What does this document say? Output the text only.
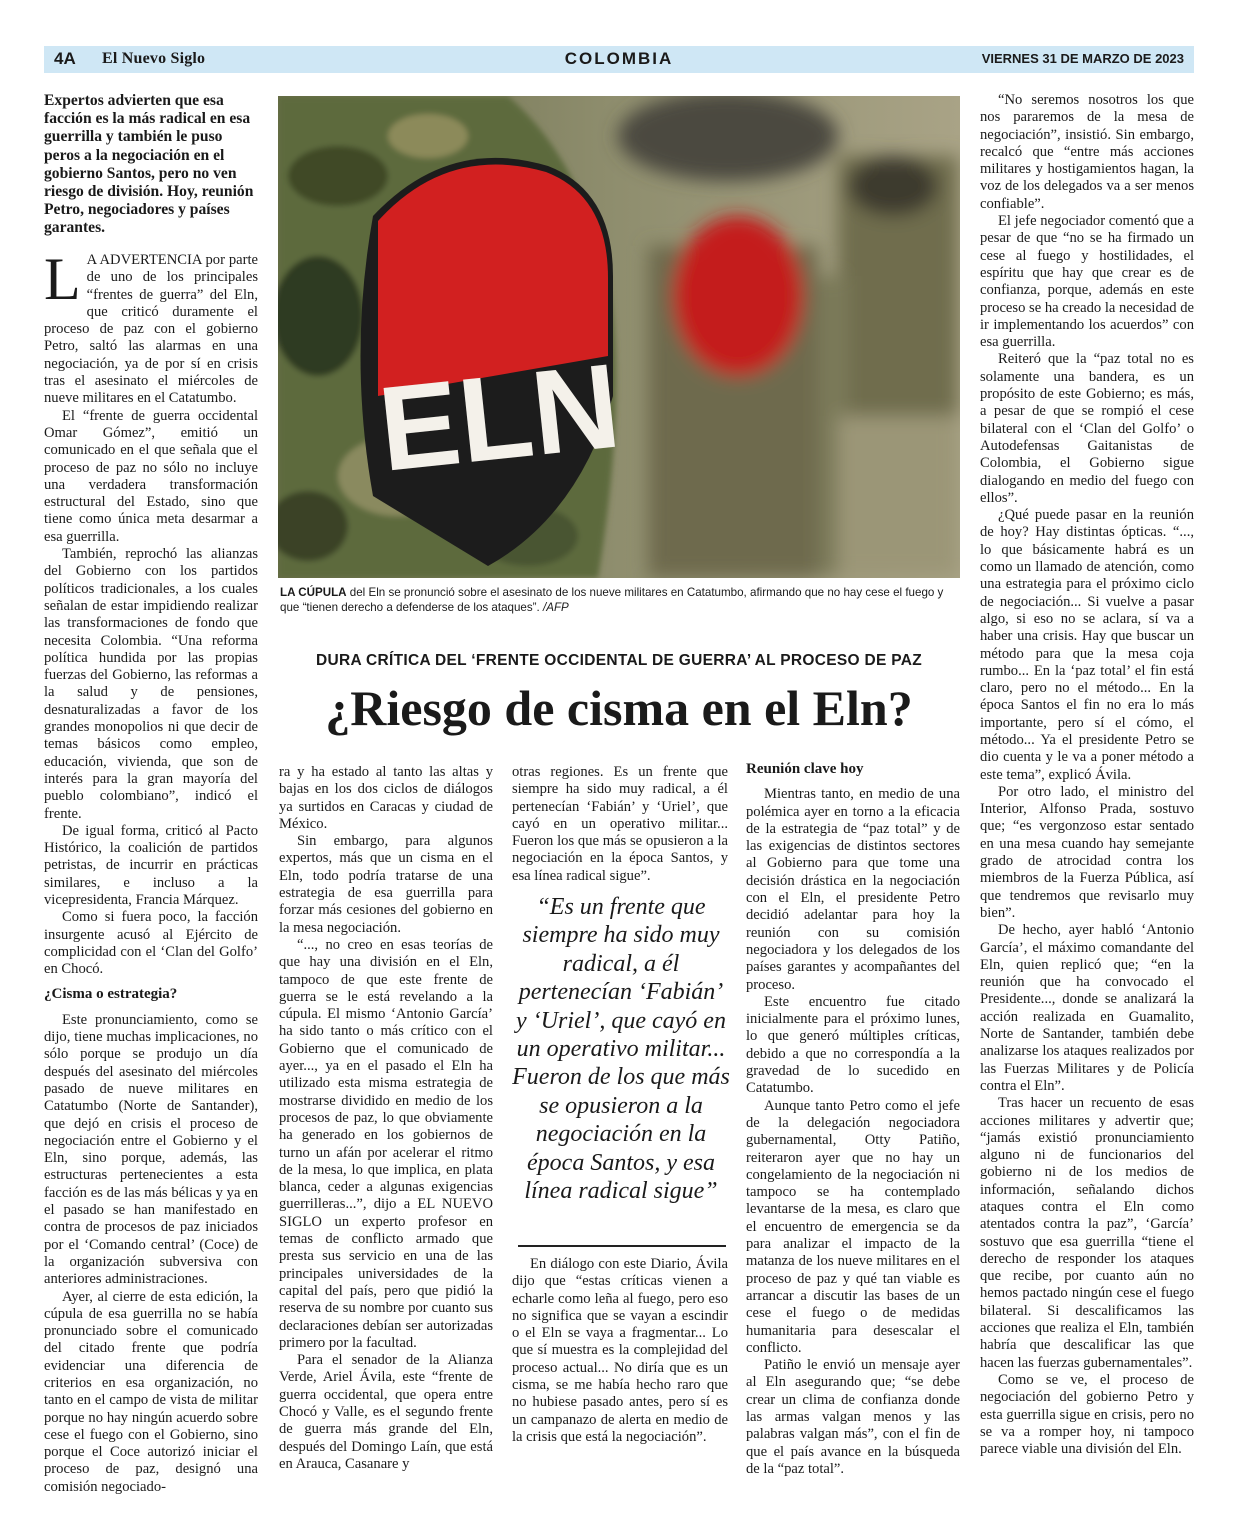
4A El Nuevo Siglo	COLOMBIA	VIERNES 31 DE MARZO DE 2023
Expertos advierten que esa facción es la más radical en esa guerrilla y también le puso peros a la negociación en el gobierno Santos, pero no ven riesgo de división. Hoy, reunión Petro, negociadores y países garantes.
ELN
LA CÚPULA del Eln se pronunció sobre el asesinato de los nueve militares en Catatumbo, afirmando que no hay cese el fuego y que “tienen derecho a defenderse de los ataques”. /AFP
DURA CRÍTICA DEL ‘FRENTE OCCIDENTAL DE GUERRA’ AL PROCESO DE PAZ
¿Riesgo de cisma en el Eln?

L A ADVERTENCIA por parte de uno de los principales “frentes de guerra” del Eln, que criticó duramente el proceso de paz con el gobierno Petro, saltó las alarmas en una negociación, ya de por sí en crisis tras el asesinato el miércoles de nueve militares en el Catatumbo.

El “frente de guerra occidental Omar Gómez”, emitió un comunicado en el que señala que el proceso de paz no sólo no incluye una verdadera transformación estructural del Estado, sino que tiene como única meta desarmar a esa guerrilla.

También, reprochó las alianzas del Gobierno con los partidos políticos tradicionales, a los cuales señalan de estar impidiendo realizar las transformaciones de fondo que necesita Colombia. “Una reforma política hundida por las propias fuerzas del Gobierno, las reformas a la salud y de pensiones, desnaturalizadas a favor de los grandes monopolios ni que decir de temas básicos como empleo, educación, vivienda, que son de interés para la gran mayoría del pueblo colombiano”, indicó el frente.

De igual forma, criticó al Pacto Histórico, la coalición de partidos petristas, de incurrir en prácticas similares, e incluso a la vicepresidenta, Francia Márquez.

Como si fuera poco, la facción insurgente acusó al Ejército de complicidad con el ‘Clan del Golfo’ en Chocó.

¿Cisma o estrategia?

Este pronunciamiento, como se dijo, tiene muchas implicaciones, no sólo porque se produjo un día después del asesinato del miércoles pasado de nueve militares en Catatumbo (Norte de Santander), que dejó en crisis el proceso de negociación entre el Gobierno y el Eln, sino porque, además, las estructuras pertenecientes a esta facción es de las más bélicas y ya en el pasado se han manifestado en contra de procesos de paz iniciados por el ‘Comando central’ (Coce) de la organización subversiva con anteriores administraciones.

Ayer, al cierre de esta edición, la cúpula de esa guerrilla no se había pronunciado sobre el comunicado del citado frente que podría evidenciar una diferencia de criterios en esa organización, no tanto en el campo de vista de militar porque no hay ningún acuerdo sobre cese el fuego con el Gobierno, sino porque el Coce autorizó iniciar el proceso de paz, designó una comisión negociado-

ra y ha estado al tanto las altas y bajas en los dos ciclos de diálogos ya surtidos en Caracas y ciudad de México.

Sin embargo, para algunos expertos, más que un cisma en el Eln, todo podría tratarse de una estrategia de esa guerrilla para forzar más cesiones del gobierno en la mesa negociación.

“..., no creo en esas teorías de que hay una división en el Eln, tampoco de que este frente de guerra se le está revelando a la cúpula. El mismo ‘Antonio García’ ha sido tanto o más crítico con el Gobierno que el comunicado de ayer..., ya en el pasado el Eln ha utilizado esta misma estrategia de mostrarse dividido en medio de los procesos de paz, lo que obviamente ha generado en los gobiernos de turno un afán por acelerar el ritmo de la mesa, lo que implica, en plata blanca, ceder a algunas exigencias guerrilleras...”, dijo a EL NUEVO SIGLO un experto profesor en temas de conflicto armado que presta sus servicio en una de las principales universidades de la capital del país, pero que pidió la reserva de su nombre por cuanto sus declaraciones debían ser autorizadas primero por la facultad.

Para el senador de la Alianza Verde, Ariel Ávila, este “frente de guerra occidental, que opera entre Chocó y Valle, es el segundo frente de guerra más grande del Eln, después del Domingo Laín, que está en Arauca, Casanare y

otras regiones. Es un frente que siempre ha sido muy radical, a él pertenecían ‘Fabián’ y ‘Uriel’, que cayó en un operativo militar... Fueron los que más se opusieron a la negociación en la época Santos, y esa línea radical sigue”.

“Es un frente que siempre ha sido muy radical, a él pertenecían ‘Fabián’ y ‘Uriel’, que cayó en un operativo militar... Fueron de los que más se opusieron a la negociación en la época Santos, y esa línea radical sigue”

En diálogo con este Diario, Ávila dijo que “estas críticas vienen a echarle como leña al fuego, pero eso no significa que se vayan a escindir o el Eln se vaya a fragmentar... Lo que sí muestra es la complejidad del proceso actual... No diría que es un cisma, se me había hecho raro que no hubiese pasado antes, pero sí es un campanazo de alerta en medio de la crisis que está la negociación”.

Reunión clave hoy

Mientras tanto, en medio de una polémica ayer en torno a la eficacia de la estrategia de “paz total” y de las exigencias de distintos sectores al Gobierno para que tome una decisión drástica en la negociación con el Eln, el presidente Petro decidió adelantar para hoy la reunión con su comisión negociadora y los delegados de los países garantes y acompañantes del proceso.

Este encuentro fue citado inicialmente para el próximo lunes, lo que generó múltiples críticas, debido a que no correspondía a la gravedad de lo sucedido en Catatumbo.

Aunque tanto Petro como el jefe de la delegación negociadora gubernamental, Otty Patiño, reiteraron ayer que no hay un congelamiento de la negociación ni tampoco se ha contemplado levantarse de la mesa, es claro que el encuentro de emergencia se da para analizar el impacto de la matanza de los nueve militares en el proceso de paz y qué tan viable es arrancar a discutir las bases de un cese el fuego o de medidas humanitaria para desescalar el conflicto.

Patiño le envió un mensaje ayer al Eln asegurando que; “se debe crear un clima de confianza donde las armas valgan menos y las palabras valgan más”, con el fin de que el país avance en la búsqueda de la “paz total”.

“No seremos nosotros los que nos pararemos de la mesa de negociación”, insistió. Sin embargo, recalcó que “entre más acciones militares y hostigamientos hagan, la voz de los delegados va a ser menos confiable”.

El jefe negociador comentó que a pesar de que “no se ha firmado un cese al fuego y hostilidades, el espíritu que hay que crear es de confianza, porque, además en este proceso se ha creado la necesidad de ir implementando los acuerdos” con esa guerrilla.

Reiteró que la “paz total no es solamente una bandera, es un propósito de este Gobierno; es más, a pesar de que se rompió el cese bilateral con el ‘Clan del Golfo’ o Autodefensas Gaitanistas de Colombia, el Gobierno sigue dialogando en medio del fuego con ellos”.

¿Qué puede pasar en la reunión de hoy? Hay distintas ópticas. “..., lo que básicamente habrá es un como un llamado de atención, como una estrategia para el próximo ciclo de negociación... Si vuelve a pasar algo, si eso no se aclara, sí va a haber una crisis. Hay que buscar un método para que la mesa coja rumbo... En la ‘paz total’ el fin está claro, pero no el método... En la época Santos el fin no era lo más importante, pero sí el cómo, el método... Ya el presidente Petro se dio cuenta y le va a poner método a este tema”, explicó Ávila.

Por otro lado, el ministro del Interior, Alfonso Prada, sostuvo que; “es vergonzoso estar sentado en una mesa cuando hay semejante grado de atrocidad contra los miembros de la Fuerza Pública, así que tendremos que revisarlo muy bien”.

De hecho, ayer habló ‘Antonio García’, el máximo comandante del Eln, quien replicó que; “en la reunión que ha convocado el Presidente..., donde se analizará la acción realizada en Guamalito, Norte de Santander, también debe analizarse los ataques realizados por las Fuerzas Militares y de Policía contra el Eln”.

Tras hacer un recuento de esas acciones militares y advertir que; “jamás existió pronunciamiento alguno ni de funcionarios del gobierno ni de los medios de información, señalando dichos ataques contra el Eln como atentados contra la paz”, ‘García’ sostuvo que esa guerrilla “tiene el derecho de responder los ataques que recibe, por cuanto aún no hemos pactado ningún cese el fuego bilateral. Si descalificamos las acciones que realiza el Eln, también habría que descalificar las que hacen las fuerzas gubernamentales”.

Como se ve, el proceso de negociación del gobierno Petro y esta guerrilla sigue en crisis, pero no se va a romper hoy, ni tampoco parece viable una división del Eln.
